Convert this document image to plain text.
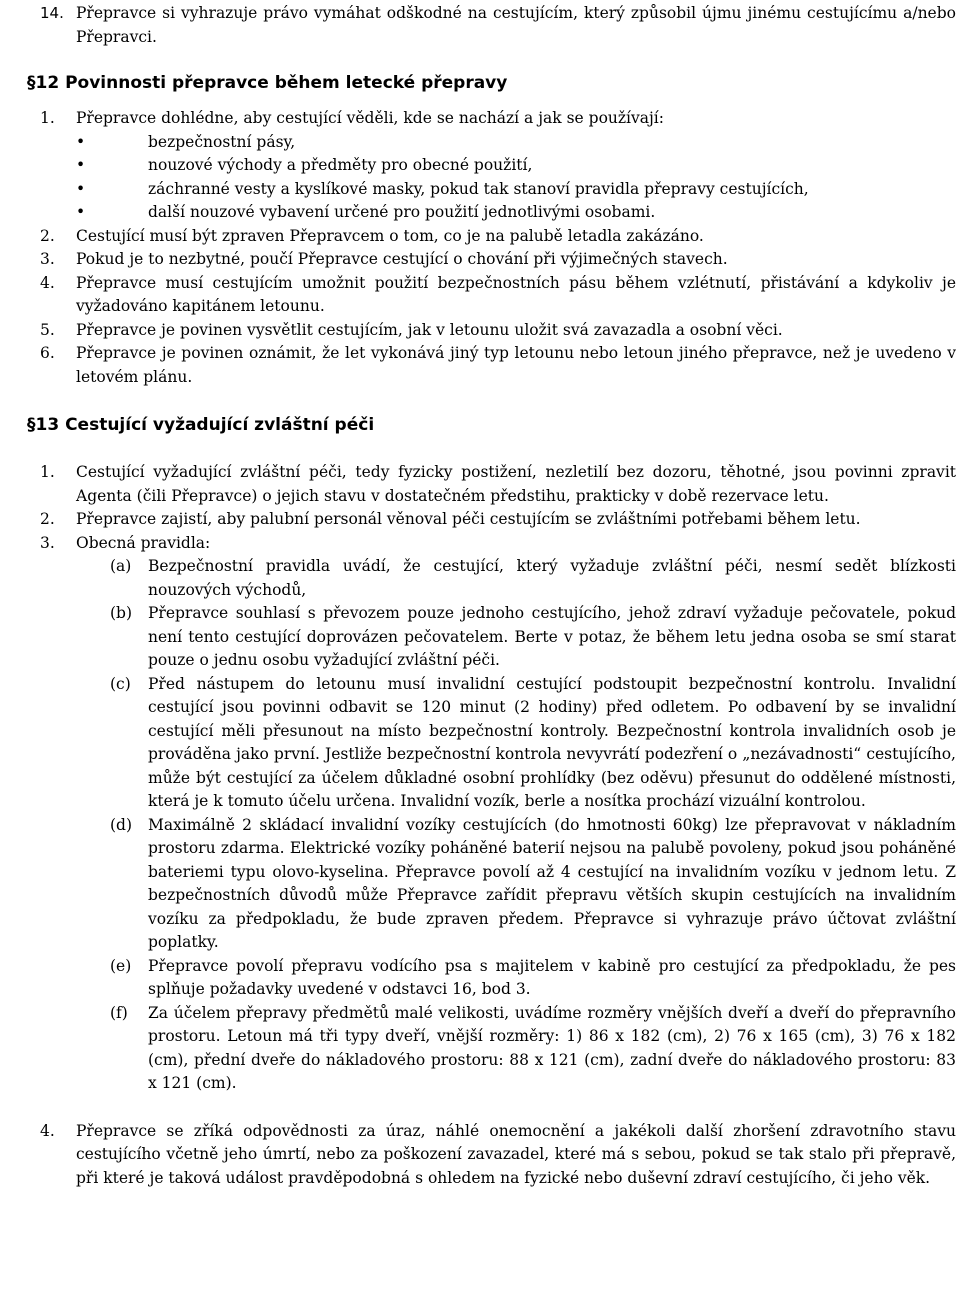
14. Přepravce si vyhrazuje právo vymáhat odškodné na cestujícím, který způsobil újmu jinému cestujícímu a/nebo Přepravci.
§12 Povinnosti přepravce během letecké přepravy
1. Přepravce dohlédne, aby cestující věděli, kde se nachází a jak se používají:
•	bezpečnostní pásy,
•	nouzové východy a předměty pro obecné použití,
•	záchranné vesty a kyslíkové masky, pokud tak stanoví pravidla přepravy cestujících,
•	další nouzové vybavení určené pro použití jednotlivými osobami.
2. Cestující musí být zpraven Přepravcem o tom, co je na palubě letadla zakázáno.
3. Pokud je to nezbytné, poučí Přepravce cestující o chování při výjimečných stavech.
4. Přepravce musí cestujícím umožnit použití bezpečnostních pásu během vzlétnutí, přistávání a kdykoliv je vyžadováno kapitánem letounu.
5. Přepravce je povinen vysvětlit cestujícím, jak v letounu uložit svá zavazadla a osobní věci.
6. Přepravce je povinen oznámit, že let vykonává jiný typ letounu nebo letoun jiného přepravce, než je uvedeno v letovém plánu.
§13 Cestující vyžadující zvláštní péči
1. Cestující vyžadující zvláštní péči, tedy fyzicky postižení, nezletilí bez dozoru, těhotné, jsou povinni zpravit Agenta (čili Přepravce) o jejich stavu v dostatečném předstihu, prakticky v době rezervace letu.
2. Přepravce zajistí, aby palubní personál věnoval péči cestujícím se zvláštními potřebami během letu.
3. Obecná pravidla:
(a) Bezpečnostní pravidla uvádí, že cestující, který vyžaduje zvláštní péči, nesmí sedět blízkosti nouzových východů,
(b) Přepravce souhlasí s převozem pouze jednoho cestujícího, jehož zdraví vyžaduje pečovatele, pokud není tento cestující doprovázen pečovatelem. Berte v potaz, že během letu jedna osoba se smí starat pouze o jednu osobu vyžadující zvláštní péči.
(c) Před nástupem do letounu musí invalidní cestující podstoupit bezpečnostní kontrolu. Invalidní cestující jsou povinni odbavit se 120 minut (2 hodiny) před odletem. Po odbavení by se invalidní cestující měli přesunout na místo bezpečnostní kontroly. Bezpečnostní kontrola invalidních osob je prováděna jako první. Jestliže bezpečnostní kontrola nevyvrátí podezření o „nezávadnosti“ cestujícího, může být cestující za účelem důkladné osobní prohlídky (bez oděvu) přesunut do oddělené místnosti, která je k tomuto účelu určena. Invalidní vozík, berle a nosítka prochází vizuální kontrolou.
(d) Maximálně 2 skládací invalidní vozíky cestujících (do hmotnosti 60kg) lze přepravovat v nákladním prostoru zdarma. Elektrické vozíky poháněné baterií nejsou na palubě povoleny, pokud jsou poháněné bateriemi typu olovo-kyselina. Přepravce povolí až 4 cestující na invalidním vozíku v jednom letu. Z bezpečnostních důvodů může Přepravce zařídit přepravu větších skupin cestujících na invalidním vozíku za předpokladu, že bude zpraven předem. Přepravce si vyhrazuje právo účtovat zvláštní poplatky.
(e) Přepravce povolí přepravu vodícího psa s majitelem v kabině pro cestující za předpokladu, že pes splňuje požadavky uvedené v odstavci 16, bod 3.
(f) Za účelem přepravy předmětů malé velikosti, uvádíme rozměry vnějších dveří a dveří do přepravního prostoru. Letoun má tři typy dveří, vnější rozměry: 1) 86 x 182 (cm), 2) 76 x 165 (cm), 3) 76 x 182 (cm), přední dveře do nákladového prostoru: 88 x 121 (cm), zadní dveře do nákladového prostoru: 83 x 121 (cm).
4. Přepravce se zříká odpovědnosti za úraz, náhlé onemocnění a jakékoli další zhoršení zdravotního stavu cestujícího včetně jeho úmrtí, nebo za poškození zavazadel, které má s sebou, pokud se tak stalo při přepravě, při které je taková událost pravděpodobná s ohledem na fyzické nebo duševní zdraví cestujícího, či jeho věk.
